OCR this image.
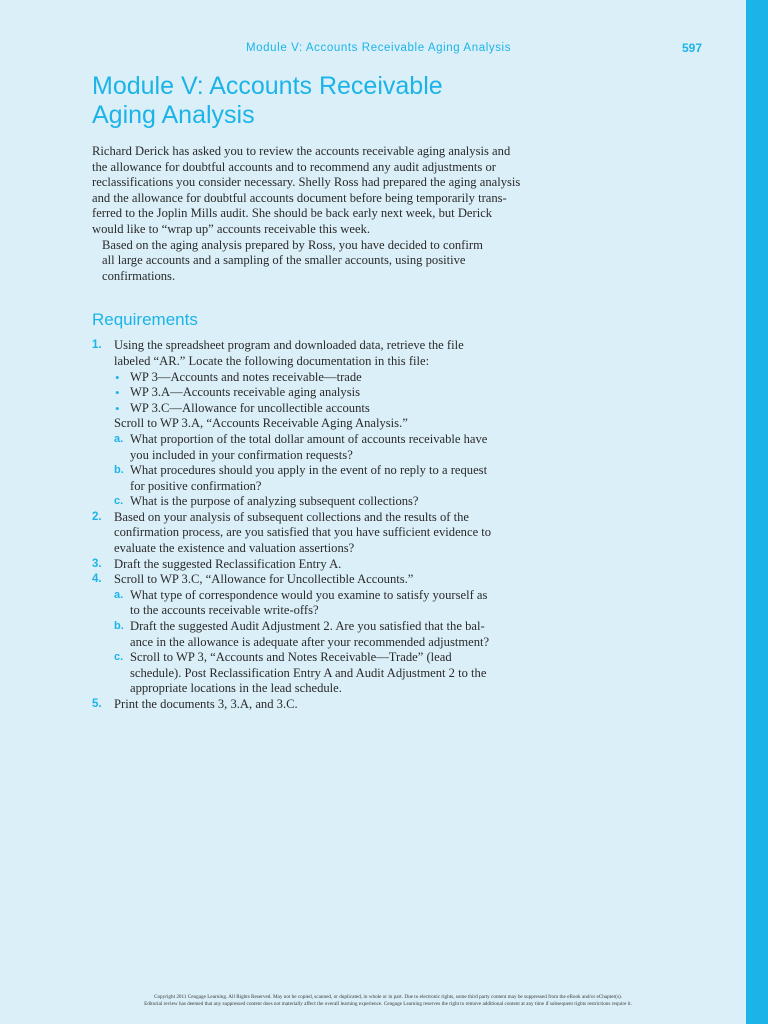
Module V: Accounts Receivable Aging Analysis	597
Module V: Accounts Receivable
Aging Analysis

Richard Derick has asked you to review the accounts receivable aging analysis and
the allowance for doubtful accounts and to recommend any audit adjustments or
reclassifications you consider necessary. Shelly Ross had prepared the aging analysis
and the allowance for doubtful accounts document before being temporarily trans-
ferred to the Joplin Mills audit. She should be back early next week, but Derick
would like to “wrap up” accounts receivable this week.

Based on the aging analysis prepared by Ross, you have decided to confirm
all large accounts and a sampling of the smaller accounts, using positive
confirmations.

Requirements
1. Using the spreadsheet program and downloaded data, retrieve the file
labeled “AR.” Locate the following documentation in this file:
• WP 3—Accounts and notes receivable—trade
• WP 3.A—Accounts receivable aging analysis
• WP 3.C—Allowance for uncollectible accounts
Scroll to WP 3.A, “Accounts Receivable Aging Analysis.”
a. What proportion of the total dollar amount of accounts receivable have
you included in your confirmation requests?
b. What procedures should you apply in the event of no reply to a request
for positive confirmation?
c. What is the purpose of analyzing subsequent collections?
2. Based on your analysis of subsequent collections and the results of the
confirmation process, are you satisfied that you have sufficient evidence to
evaluate the existence and valuation assertions?
3. Draft the suggested Reclassification Entry A.
4. Scroll to WP 3.C, “Allowance for Uncollectible Accounts.”
a. What type of correspondence would you examine to satisfy yourself as
to the accounts receivable write-offs?
b. Draft the suggested Audit Adjustment 2. Are you satisfied that the bal-
ance in the allowance is adequate after your recommended adjustment?
c. Scroll to WP 3, “Accounts and Notes Receivable—Trade” (lead
schedule). Post Reclassification Entry A and Audit Adjustment 2 to the
appropriate locations in the lead schedule.
5. Print the documents 3, 3.A, and 3.C.
Copyright 2011 Cengage Learning. All Rights Reserved. May not be copied, scanned, or duplicated, in whole or in part. Due to electronic rights, some third party content may be suppressed from the eBook and/or eChapter(s).
Editorial review has deemed that any suppressed content does not materially affect the overall learning experience. Cengage Learning reserves the right to remove additional content at any time if subsequent rights restrictions require it.
